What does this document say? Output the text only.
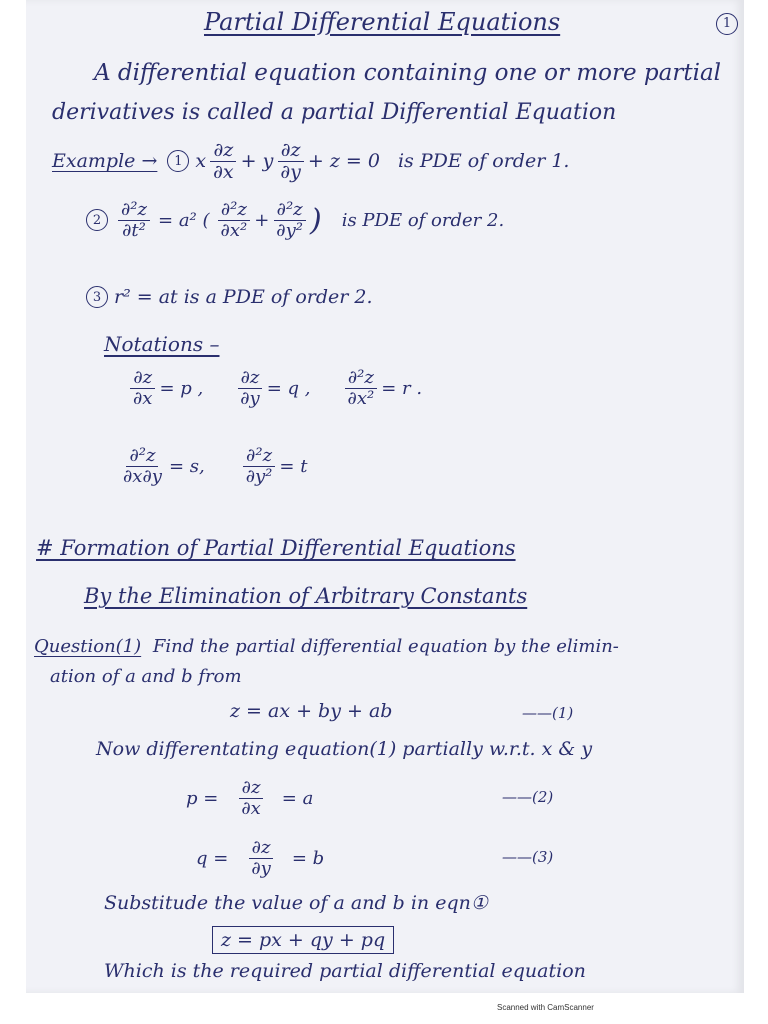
Partial Differential Equations	1
A differential equation containing one or more partial
derivatives is called a partial Differential Equation
Example →	1 x $\frac{\partial z}{\partial x} + y \frac{\partial z}{\partial y} + z = 0$ is PDE of order 1.
$2 \frac{\text{∂²z}}{\text{∂t²}} = a^2$ ( $\frac{\text{∂²z}}{\text{∂x²}} + \frac{\text{∂²z}}{\text{∂y²}}$ ) is PDE of order 2.
3 r² = at is a PDE of order 2.
Notations –
$\frac{\partial z}{\partial x} = p$ , $\frac{\partial z}{\partial y} = q$ , $\frac{\text{∂²z}}{\text{∂x²}} = r$ .
$\frac{\text{∂²z}}{\partial x\partial y} = s$, $\frac{\text{∂²z}}{\text{∂y²}} = t$
# Formation of Partial Differential Equations
By the Elimination of Arbitrary Constants
Question(1) Find the partial differential equation by the elimin-
ation of a and b from
z = ax + by + ab	——(1)
Now differentating equation(1) partially w.r.t. x & y
$p = \frac{\partial z}{\partial x} = a$	——(2)
$q = \frac{\partial z}{\partial y} = b$	——(3)
Substitude the value of a and b in eqn①
z = px + qy + pq
Which is the required partial differential equation
Scanned with CamScanner
